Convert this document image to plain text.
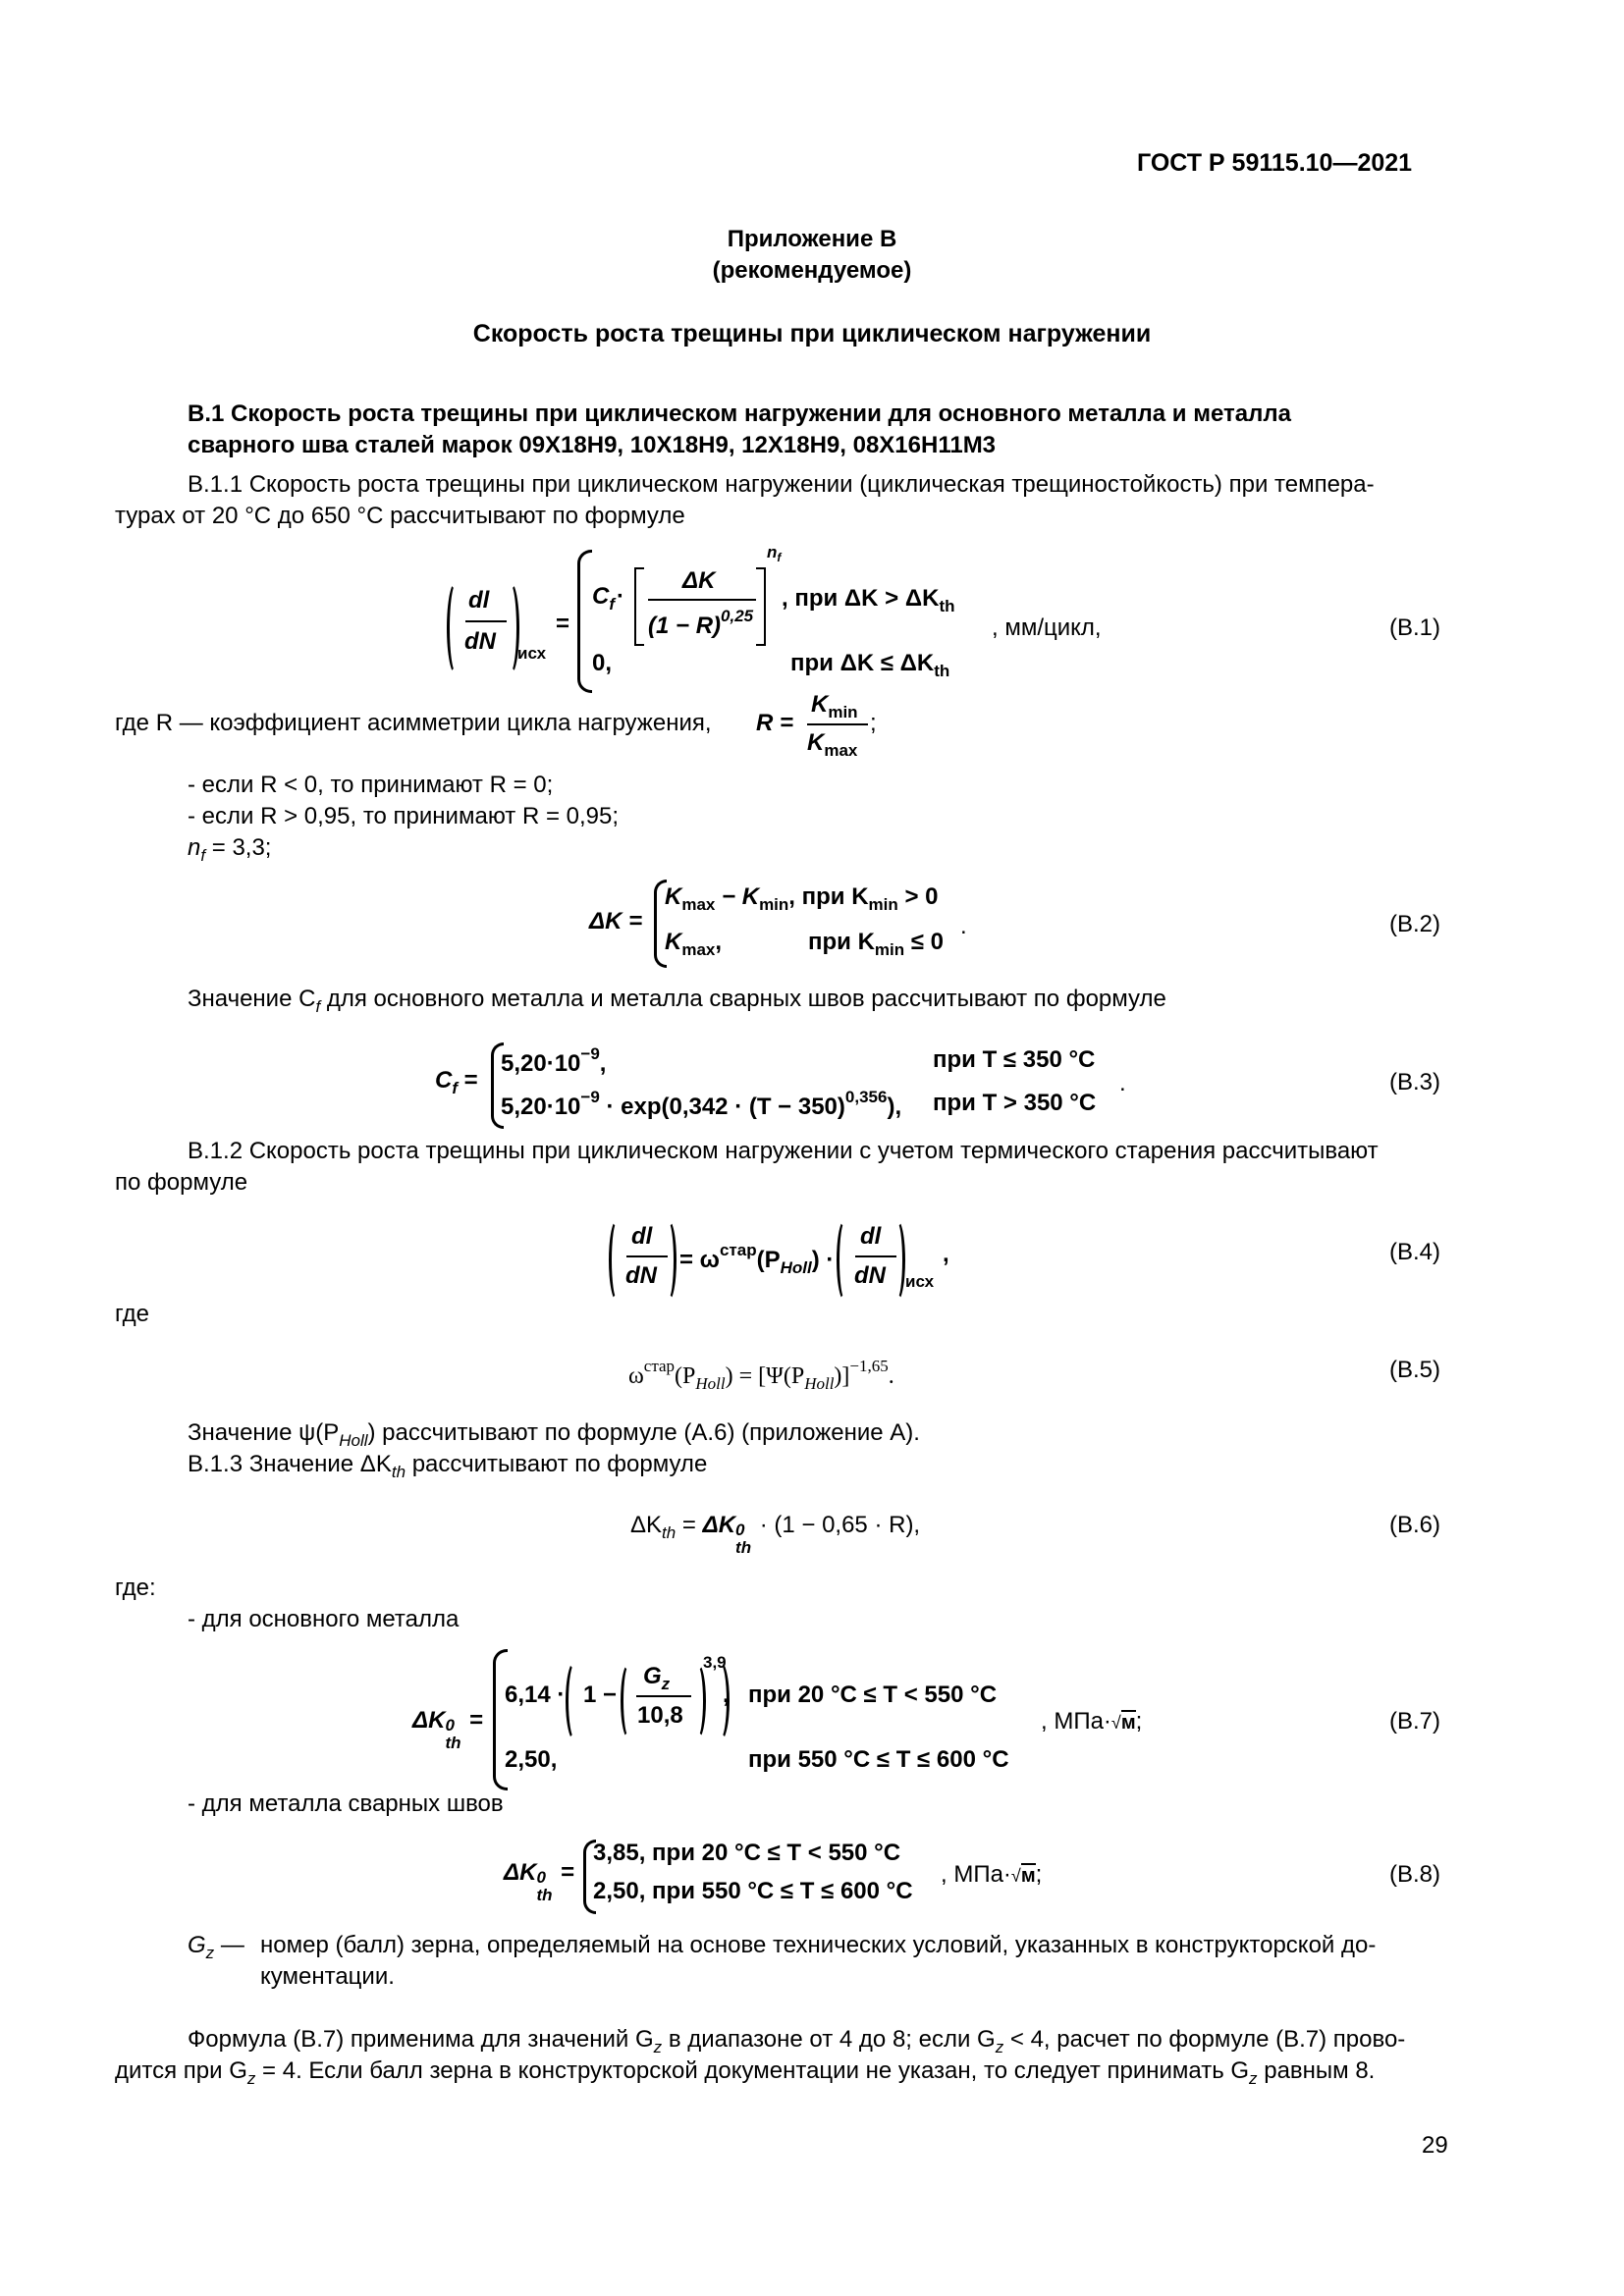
ГОСТ Р 59115.10—2021
Приложение В
(рекомендуемое)
Скорость роста трещины при циклическом нагружении
В.1 Скорость роста трещины при циклическом нагружении для основного металла и металла
сварного шва сталей марок 09Х18Н9, 10Х18Н9, 12Х18Н9, 08Х16Н11М3
В.1.1 Скорость роста трещины при циклическом нагружении (циклическая трещиностойкость) при темпера-
турах от 20 °С до 650 °С рассчитывают по формуле
dl
dN исх
=
$C_f$ ·
ΔK
$(1 - R)^{0,25}$
$n_f$
, при $\Delta K > \Delta K_{th}$
0,	при $\Delta K \le \Delta K_{th}$
, мм/цикл,	(В.1)
где R — коэффициент асимметрии цикла нагружения, R =
$K_{min}$
$K_{max}$
;
- если R < 0, то принимают R = 0;
- если R > 0,95, то принимают R = 0,95;
$n_f = 3,3$;
ΔK =
$K_{max} - K_{min}$, при $K_{min} > 0$
$K_{max}$,	при $K_{min} \le 0$
.	(В.2)
Значение $C_f$ для основного металла и металла сварных швов рассчитывают по формуле
$C_f$ =
$5,20\cdot 10^{-9}$,	при T ≤ 350 °C
$5,20\cdot 10^{-9} \cdot \exp(0,342 \cdot (T - 350)^{0,356})$, при T > 350 °C
.	(В.3)
В.1.2 Скорость роста трещины при циклическом нагружении с учетом термического старения рассчитывают
по формуле
dl
dN
= $\omega^{стар}(P_{Holl})$ ·
dl
dN исх
,	(В.4)
где
$\omega^{стар}(P_{Holl}) = [\Psi(P_{Holl})]^{-1,65}$.	(В.5)
Значение $\psi(P_{Holl})$ рассчитывают по формуле (А.6) (приложение А).
В.1.3 Значение $\Delta K_{th}$ рассчитывают по формуле
$\Delta K_{th} = \Delta K$ 0
th
· (1 − 0,65 · R),	(В.6)
где:
- для основного металла
ΔK 0
th
=
6,14 · 1 −
$G_z$
10,8
3,9
, при 20 °C ≤ T < 550 °C
2,50,	при 550 °C ≤ T ≤ 600 °C
, МПа·√м;	(В.7)
- для металла сварных швов
ΔK 0
th
=
3,85, при 20 °C ≤ T < 550 °C
2,50, при 550 °C ≤ T ≤ 600 °C
, МПа·√м;	(В.8)
$G_z$ — номер (балл) зерна, определяемый на основе технических условий, указанных в конструкторской до-
кументации.
Формула (В.7) применима для значений $G_z$ в диапазоне от 4 до 8; если $G_z < 4$, расчет по формуле (В.7) прово-
дится при $G_z = 4$. Если балл зерна в конструкторской документации не указан, то следует принимать $G_z$ равным 8.
29
